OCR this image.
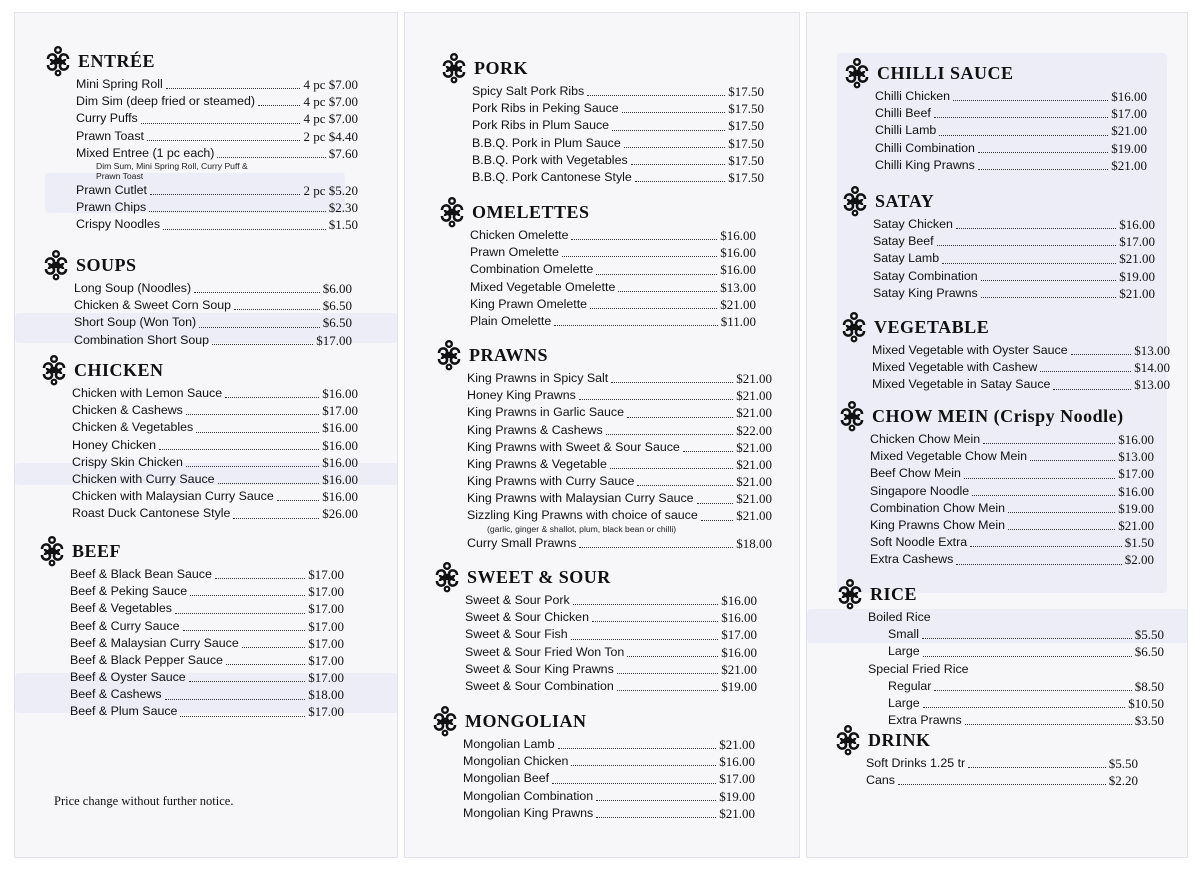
ENTRÉE
Mini Spring Roll	4 pc $7.00
Dim Sim (deep fried or steamed)	4 pc $7.00
Curry Puffs	4 pc $7.00
Prawn Toast	2 pc $4.40
Mixed Entree (1 pc each)	$7.60
Dim Sum, Mini Spring Roll, Curry Puff & Prawn Toast
Prawn Cutlet	2 pc $5.20
Prawn Chips	$2.30
Crispy Noodles	$1.50
SOUPS
Long Soup (Noodles)	$6.00
Chicken & Sweet Corn Soup	$6.50
Short Soup (Won Ton)	$6.50
Combination Short Soup	$17.00
CHICKEN
Chicken with Lemon Sauce	$16.00
Chicken & Cashews	$17.00
Chicken & Vegetables	$16.00
Honey Chicken	$16.00
Crispy Skin Chicken	$16.00
Chicken with Curry Sauce	$16.00
Chicken with Malaysian Curry Sauce	$16.00
Roast Duck Cantonese Style	$26.00
BEEF
Beef & Black Bean Sauce	$17.00
Beef & Peking Sauce	$17.00
Beef & Vegetables	$17.00
Beef & Curry Sauce	$17.00
Beef & Malaysian Curry Sauce	$17.00
Beef & Black Pepper Sauce	$17.00
Beef & Oyster Sauce	$17.00
Beef & Cashews	$18.00
Beef & Plum Sauce	$17.00
PORK
Spicy Salt Pork Ribs	$17.50
Pork Ribs in Peking Sauce	$17.50
Pork Ribs in Plum Sauce	$17.50
B.B.Q. Pork in Plum Sauce	$17.50
B.B.Q. Pork with Vegetables	$17.50
B.B.Q. Pork Cantonese Style	$17.50
OMELETTES
Chicken Omelette	$16.00
Prawn Omelette	$16.00
Combination Omelette	$16.00
Mixed Vegetable Omelette	$13.00
King Prawn Omelette	$21.00
Plain Omelette	$11.00
PRAWNS
King Prawns in Spicy Salt	$21.00
Honey King Prawns	$21.00
King Prawns in Garlic Sauce	$21.00
King Prawns & Cashews	$22.00
King Prawns with Sweet & Sour Sauce	$21.00
King Prawns & Vegetable	$21.00
King Prawns with Curry Sauce	$21.00
King Prawns with Malaysian Curry Sauce	$21.00
Sizzling King Prawns with choice of sauce	$21.00
(garlic, ginger & shallot, plum, black bean or chilli)
Curry Small Prawns	$18.00
SWEET & SOUR
Sweet & Sour Pork	$16.00
Sweet & Sour Chicken	$16.00
Sweet & Sour Fish	$17.00
Sweet & Sour Fried Won Ton	$16.00
Sweet & Sour King Prawns	$21.00
Sweet & Sour Combination	$19.00
MONGOLIAN
Mongolian Lamb	$21.00
Mongolian Chicken	$16.00
Mongolian Beef	$17.00
Mongolian Combination	$19.00
Mongolian King Prawns	$21.00
CHILLI SAUCE
Chilli Chicken	$16.00
Chilli Beef	$17.00
Chilli Lamb	$21.00
Chilli Combination	$19.00
Chilli King Prawns	$21.00
SATAY
Satay Chicken	$16.00
Satay Beef	$17.00
Satay Lamb	$21.00
Satay Combination	$19.00
Satay King Prawns	$21.00
VEGETABLE
Mixed Vegetable with Oyster Sauce	$13.00
Mixed Vegetable with Cashew	$14.00
Mixed Vegetable in Satay Sauce	$13.00
CHOW MEIN (Crispy Noodle)
Chicken Chow Mein	$16.00
Mixed Vegetable Chow Mein	$13.00
Beef Chow Mein	$17.00
Singapore Noodle	$16.00
Combination Chow Mein	$19.00
King Prawns Chow Mein	$21.00
Soft Noodle Extra	$1.50
Extra Cashews	$2.00
RICE
Boiled Rice
Small	$5.50
Large	$6.50
Special Fried Rice
Regular	$8.50
Large	$10.50
Extra Prawns	$3.50
DRINK
Soft Drinks 1.25 tr	$5.50
Cans	$2.20
Price change without further notice.
